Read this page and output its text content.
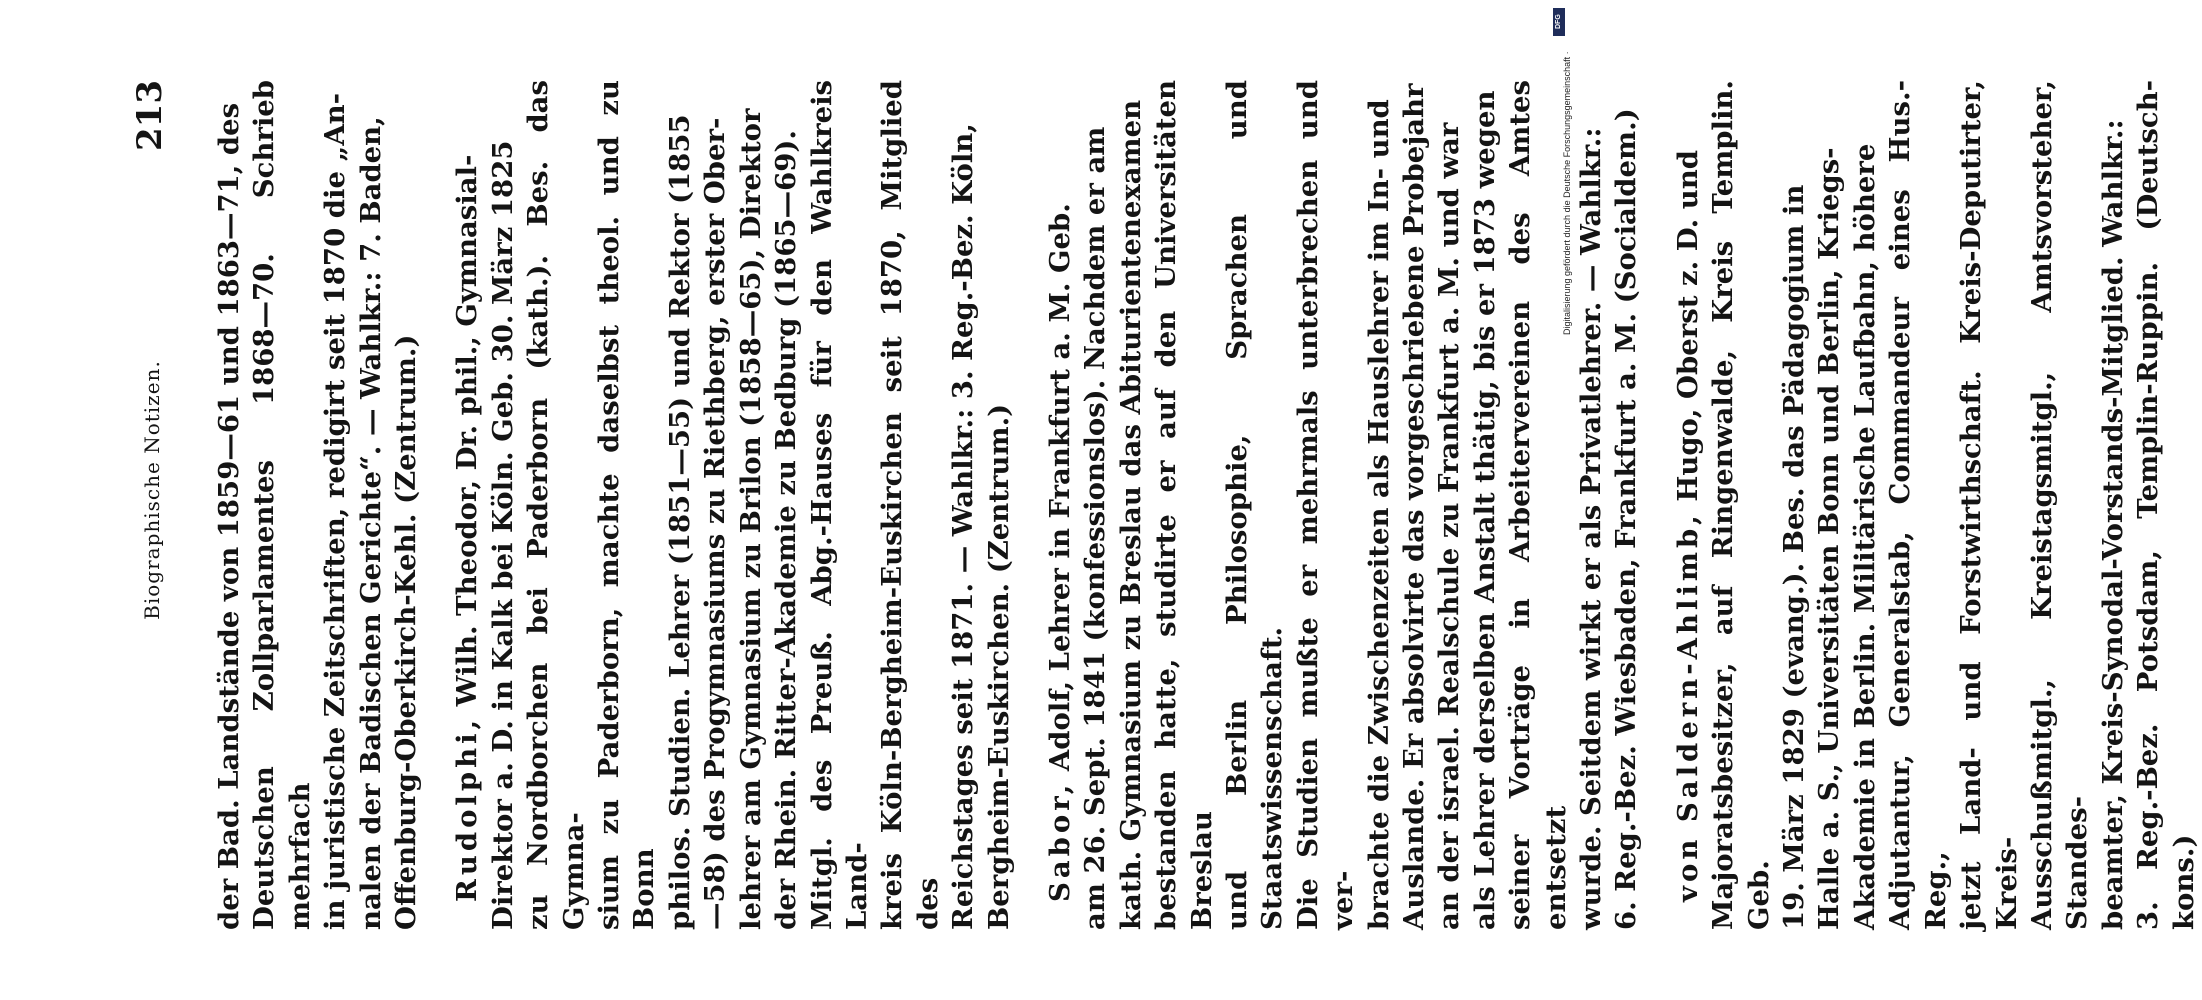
Biographische Notizen.
213 der Bad. Landstände von 1859—61 und 1863—71, des Deutschen Zollparlamentes 1868—70. Schrieb mehrfach in juristische Zeitschriften, redigirt seit 1870 die „An- nalen der Badischen Gerichte“. — Wahlkr.: 7. Baden, Offenburg-Oberkirch-Kehl. (Zentrum.) Rudolphi, Wilh. Theodor, Dr. phil., Gymnasial- Direktor a. D. in Kalk bei Köln. Geb. 30. März 1825 zu Nordborchen bei Paderborn (kath.). Bes. das Gymna- sium zu Paderborn, machte daselbst theol. und zu Bonn philos. Studien. Lehrer (1851—55) und Rektor (1855 —58) des Progymnasiums zu Riethberg, erster Ober- lehrer am Gymnasium zu Brilon (1858—65), Direktor der Rhein. Ritter-Akademie zu Bedburg (1865—69). Mitgl. des Preuß. Abg.-Hauses für den Wahlkreis Land- kreis Köln-Bergheim-Euskirchen seit 1870, Mitglied des Reichstages seit 1871. — Wahlkr.: 3. Reg.-Bez. Köln, Bergheim-Euskirchen. (Zentrum.) Sabor, Adolf, Lehrer in Frankfurt a. M. Geb. am 26. Sept. 1841 (konfessionslos). Nachdem er am kath. Gymnasium zu Breslau das Abiturientenexamen bestanden hatte, studirte er auf den Universitäten Breslau und Berlin Philosophie, Sprachen und Staatswissenschaft. Die Studien mußte er mehrmals unterbrechen und ver- brachte die Zwischenzeiten als Hauslehrer im In- und Auslande. Er absolvirte das vorgeschriebene Probejahr an der israel. Realschule zu Frankfurt a. M. und war als Lehrer derselben Anstalt thätig, bis er 1873 wegen seiner Vorträge in Arbeitervereinen des Amtes entsetzt wurde. Seitdem wirkt er als Privatlehrer. — Wahlkr.: 6. Reg.-Bez. Wiesbaden, Frankfurt a. M. (Socialdem.) von Saldern-Ahlimb, Hugo, Oberst z. D. und Majoratsbesitzer, auf Ringenwalde, Kreis Templin. Geb. 19. März 1829 (evang.). Bes. das Pädagogium in Halle a. S., Universitäten Bonn und Berlin, Kriegs- Akademie in Berlin. Militärische Laufbahn, höhere Adjutantur, Generalstab, Commandeur eines Hus.-Reg., jetzt Land- und Forstwirthschaft. Kreis-Deputirter, Kreis- Ausschußmitgl., Kreistagsmitgl., Amtsvorsteher, Standes- beamter, Kreis-Synodal-Vorstands-Mitglied. Wahlkr.: 3. Reg.-Bez. Potsdam, Templin-Ruppin. (Deutsch-kons.)

DFG
Digitalisierung gefördert durch die Deutsche Forschungsgemeinschaft ·
